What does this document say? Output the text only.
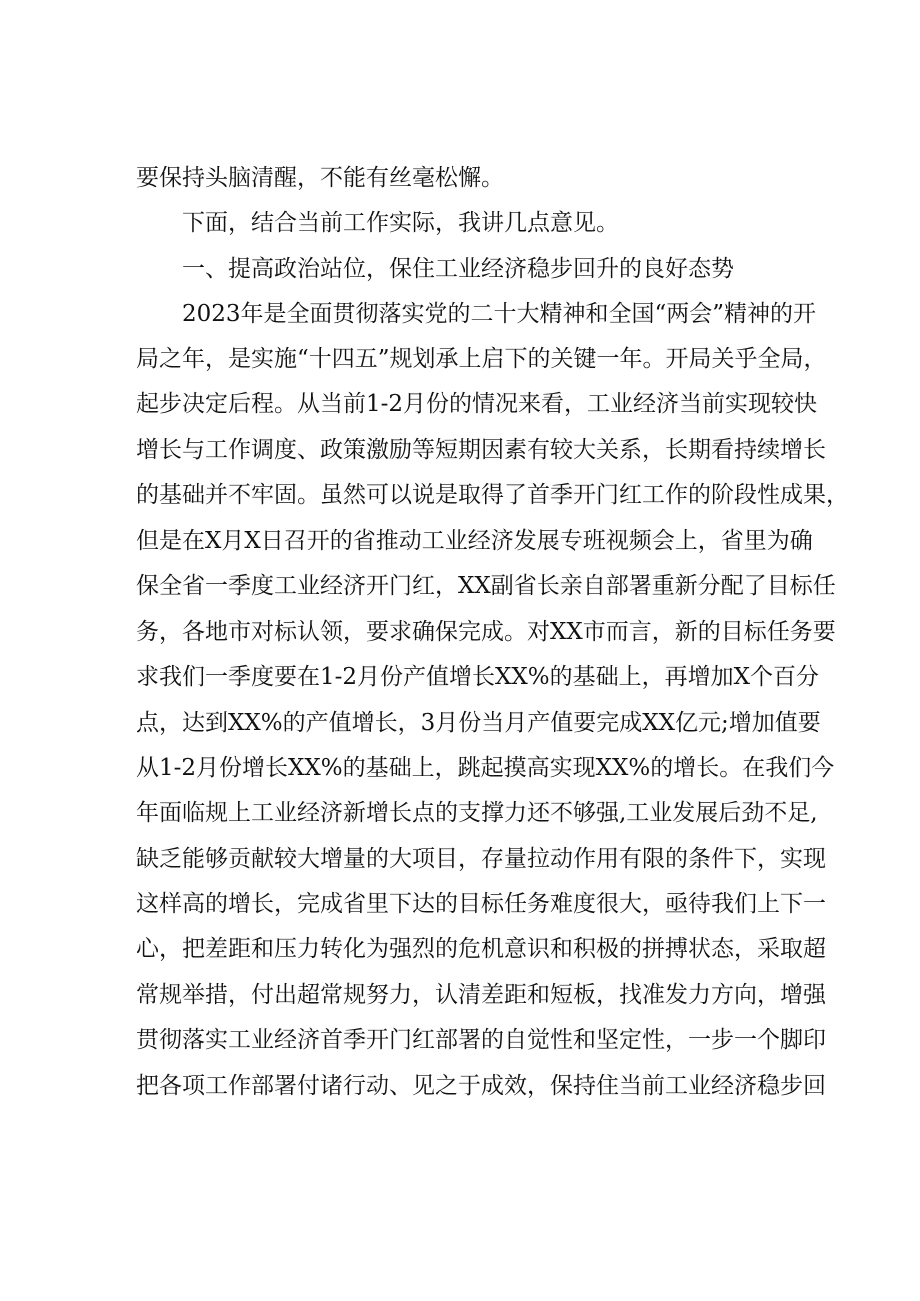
要保持头脑清醒，不能有丝毫松懈。
下面，结合当前工作实际，我讲几点意见。
一、提高政治站位，保住工业经济稳步回升的良好态势
2023年是全面贯彻落实党的二十大精神和全国“两会”精神的开
局之年，是实施“十四五”规划承上启下的关键一年。开局关乎全局，
起步决定后程。从当前1-2月份的情况来看，工业经济当前实现较快
增长与工作调度、政策激励等短期因素有较大关系，长期看持续增长
的基础并不牢固。虽然可以说是取得了首季开门红工作的阶段性成果，
但是在X月X日召开的省推动工业经济发展专班视频会上，省里为确
保全省一季度工业经济开门红，XX副省长亲自部署重新分配了目标任
务，各地市对标认领，要求确保完成。对XX市而言，新的目标任务要
求我们一季度要在1-2月份产值增长XX%的基础上，再增加X个百分
点，达到XX%的产值增长，3月份当月产值要完成XX亿元;增加值要
从1-2月份增长XX%的基础上，跳起摸高实现XX%的增长。在我们今
年面临规上工业经济新增长点的支撑力还不够强,工业发展后劲不足,
缺乏能够贡献较大增量的大项目，存量拉动作用有限的条件下，实现
这样高的增长，完成省里下达的目标任务难度很大，亟待我们上下一
心，把差距和压力转化为强烈的危机意识和积极的拼搏状态，采取超
常规举措，付出超常规努力，认清差距和短板，找准发力方向，增强
贯彻落实工业经济首季开门红部署的自觉性和坚定性，一步一个脚印
把各项工作部署付诸行动、见之于成效，保持住当前工业经济稳步回
